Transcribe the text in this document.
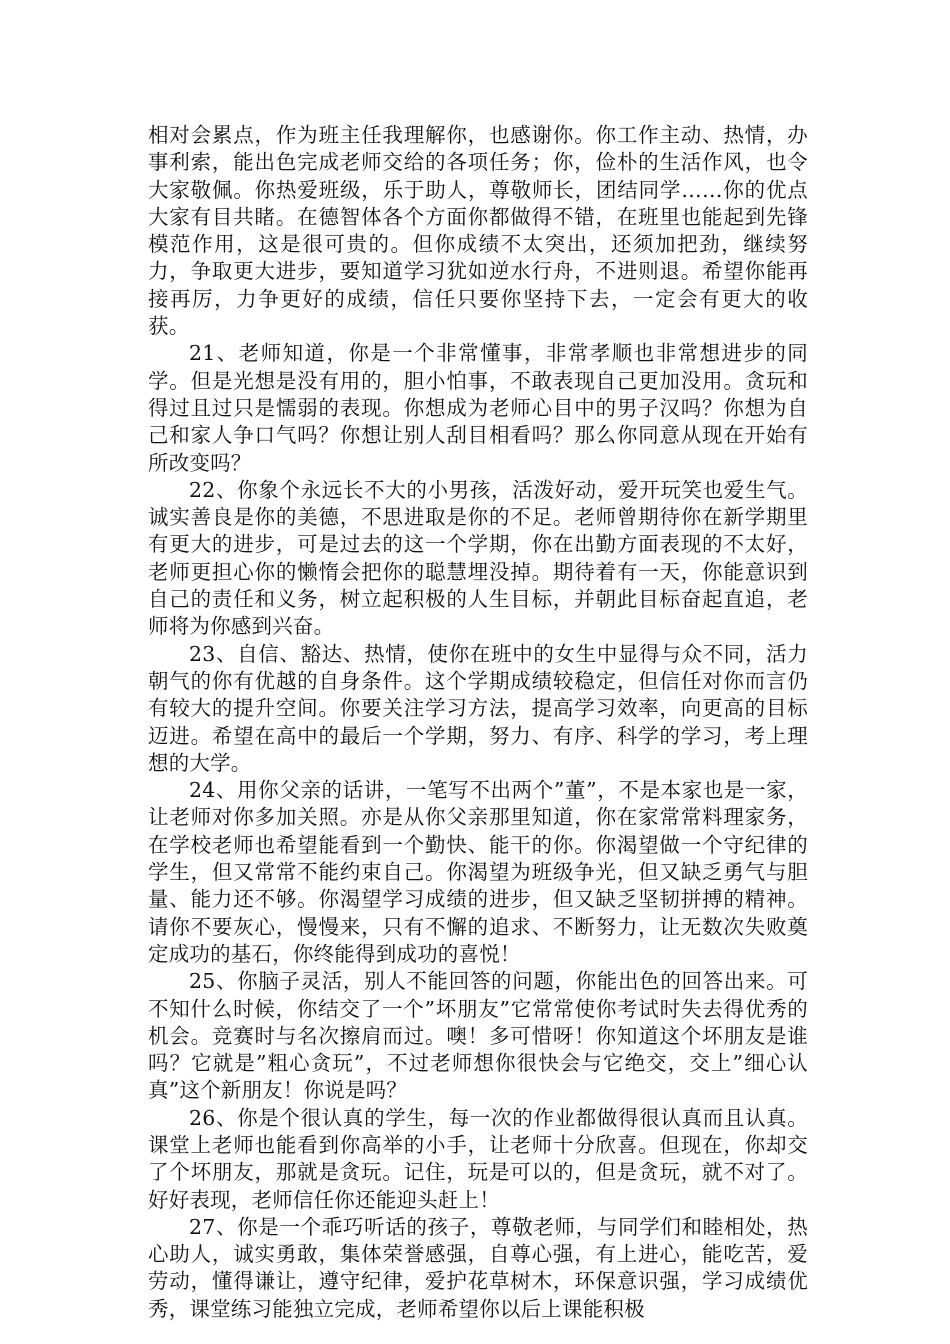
相对会累点，作为班主任我理解你，也感谢你。你工作主动、热情，办事利索，能出色完成老师交给的各项任务；你，俭朴的生活作风，也令大家敬佩。你热爱班级，乐于助人，尊敬师长，团结同学……你的优点大家有目共睹。在德智体各个方面你都做得不错，在班里也能起到先锋模范作用，这是很可贵的。但你成绩不太突出，还须加把劲，继续努力，争取更大进步，要知道学习犹如逆水行舟，不进则退。希望你能再接再厉，力争更好的成绩，信任只要你坚持下去，一定会有更大的收获。

21、老师知道，你是一个非常懂事，非常孝顺也非常想进步的同学。但是光想是没有用的，胆小怕事，不敢表现自己更加没用。贪玩和得过且过只是懦弱的表现。你想成为老师心目中的男子汉吗？你想为自己和家人争口气吗？你想让别人刮目相看吗？那么你同意从现在开始有所改变吗？

22、你象个永远长不大的小男孩，活泼好动，爱开玩笑也爱生气。诚实善良是你的美德，不思进取是你的不足。老师曾期待你在新学期里有更大的进步，可是过去的这一个学期，你在出勤方面表现的不太好，老师更担心你的懒惰会把你的聪慧埋没掉。期待着有一天，你能意识到自己的责任和义务，树立起积极的人生目标，并朝此目标奋起直追，老师将为你感到兴奋。

23、自信、豁达、热情，使你在班中的女生中显得与众不同，活力朝气的你有优越的自身条件。这个学期成绩较稳定，但信任对你而言仍有较大的提升空间。你要关注学习方法，提高学习效率，向更高的目标迈进。希望在高中的最后一个学期，努力、有序、科学的学习，考上理想的大学。

24、用你父亲的话讲，一笔写不出两个”董”，不是本家也是一家，让老师对你多加关照。亦是从你父亲那里知道，你在家常常料理家务，在学校老师也希望能看到一个勤快、能干的你。你渴望做一个守纪律的学生，但又常常不能约束自己。你渴望为班级争光，但又缺乏勇气与胆量、能力还不够。你渴望学习成绩的进步，但又缺乏坚韧拼搏的精神。请你不要灰心，慢慢来，只有不懈的追求、不断努力，让无数次失败奠定成功的基石，你终能得到成功的喜悦！

25、你脑子灵活，别人不能回答的问题，你能出色的回答出来。可不知什么时候，你结交了一个”坏朋友”它常常使你考试时失去得优秀的机会。竞赛时与名次擦肩而过。噢！多可惜呀！你知道这个坏朋友是谁吗？它就是”粗心贪玩”，不过老师想你很快会与它绝交，交上”细心认真”这个新朋友！你说是吗？

26、你是个很认真的学生，每一次的作业都做得很认真而且认真。课堂上老师也能看到你高举的小手，让老师十分欣喜。但现在，你却交了个坏朋友，那就是贪玩。记住，玩是可以的，但是贪玩，就不对了。好好表现，老师信任你还能迎头赶上！

27、你是一个乖巧听话的孩子，尊敬老师，与同学们和睦相处，热心助人，诚实勇敢，集体荣誉感强，自尊心强，有上进心，能吃苦，爱劳动，懂得谦让，遵守纪律，爱护花草树木，环保意识强，学习成绩优秀，课堂练习能独立完成，老师希望你以后上课能积极
